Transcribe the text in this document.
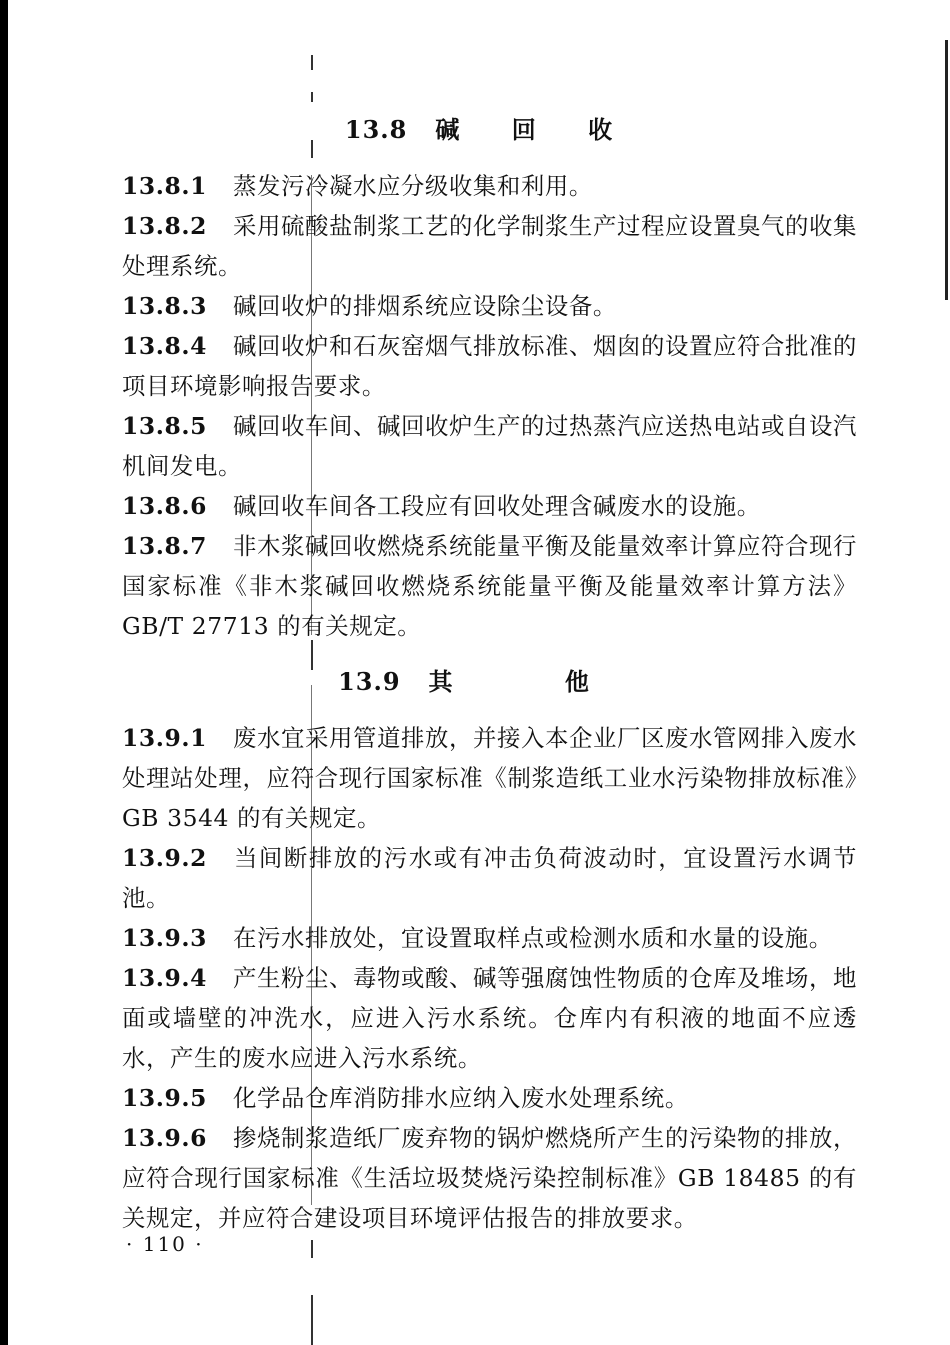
13.8 碱 回 收

13.8.1 蒸发污冷凝水应分级收集和利用。

13.8.2 采用硫酸盐制浆工艺的化学制浆生产过程应设置臭气的收集处理系统。

13.8.3 碱回收炉的排烟系统应设除尘设备。

13.8.4 碱回收炉和石灰窑烟气排放标准、烟囱的设置应符合批准的项目环境影响报告要求。

13.8.5 碱回收车间、碱回收炉生产的过热蒸汽应送热电站或自设汽机间发电。

13.8.6 碱回收车间各工段应有回收处理含碱废水的设施。

13.8.7 非木浆碱回收燃烧系统能量平衡及能量效率计算应符合现行国家标准《非木浆碱回收燃烧系统能量平衡及能量效率计算方法》GB/T 27713 的有关规定。

13.9 其 他

13.9.1 废水宜采用管道排放，并接入本企业厂区废水管网排入废水处理站处理，应符合现行国家标准《制浆造纸工业水污染物排放标准》GB 3544 的有关规定。

13.9.2 当间断排放的污水或有冲击负荷波动时，宜设置污水调节池。

13.9.3 在污水排放处，宜设置取样点或检测水质和水量的设施。

13.9.4 产生粉尘、毒物或酸、碱等强腐蚀性物质的仓库及堆场，地面或墙壁的冲洗水，应进入污水系统。仓库内有积液的地面不应透水，产生的废水应进入污水系统。

13.9.5 化学品仓库消防排水应纳入废水处理系统。

13.9.6 掺烧制浆造纸厂废弃物的锅炉燃烧所产生的污染物的排放，应符合现行国家标准《生活垃圾焚烧污染控制标准》GB 18485 的有关规定，并应符合建设项目环境评估报告的排放要求。

· 110 ·
